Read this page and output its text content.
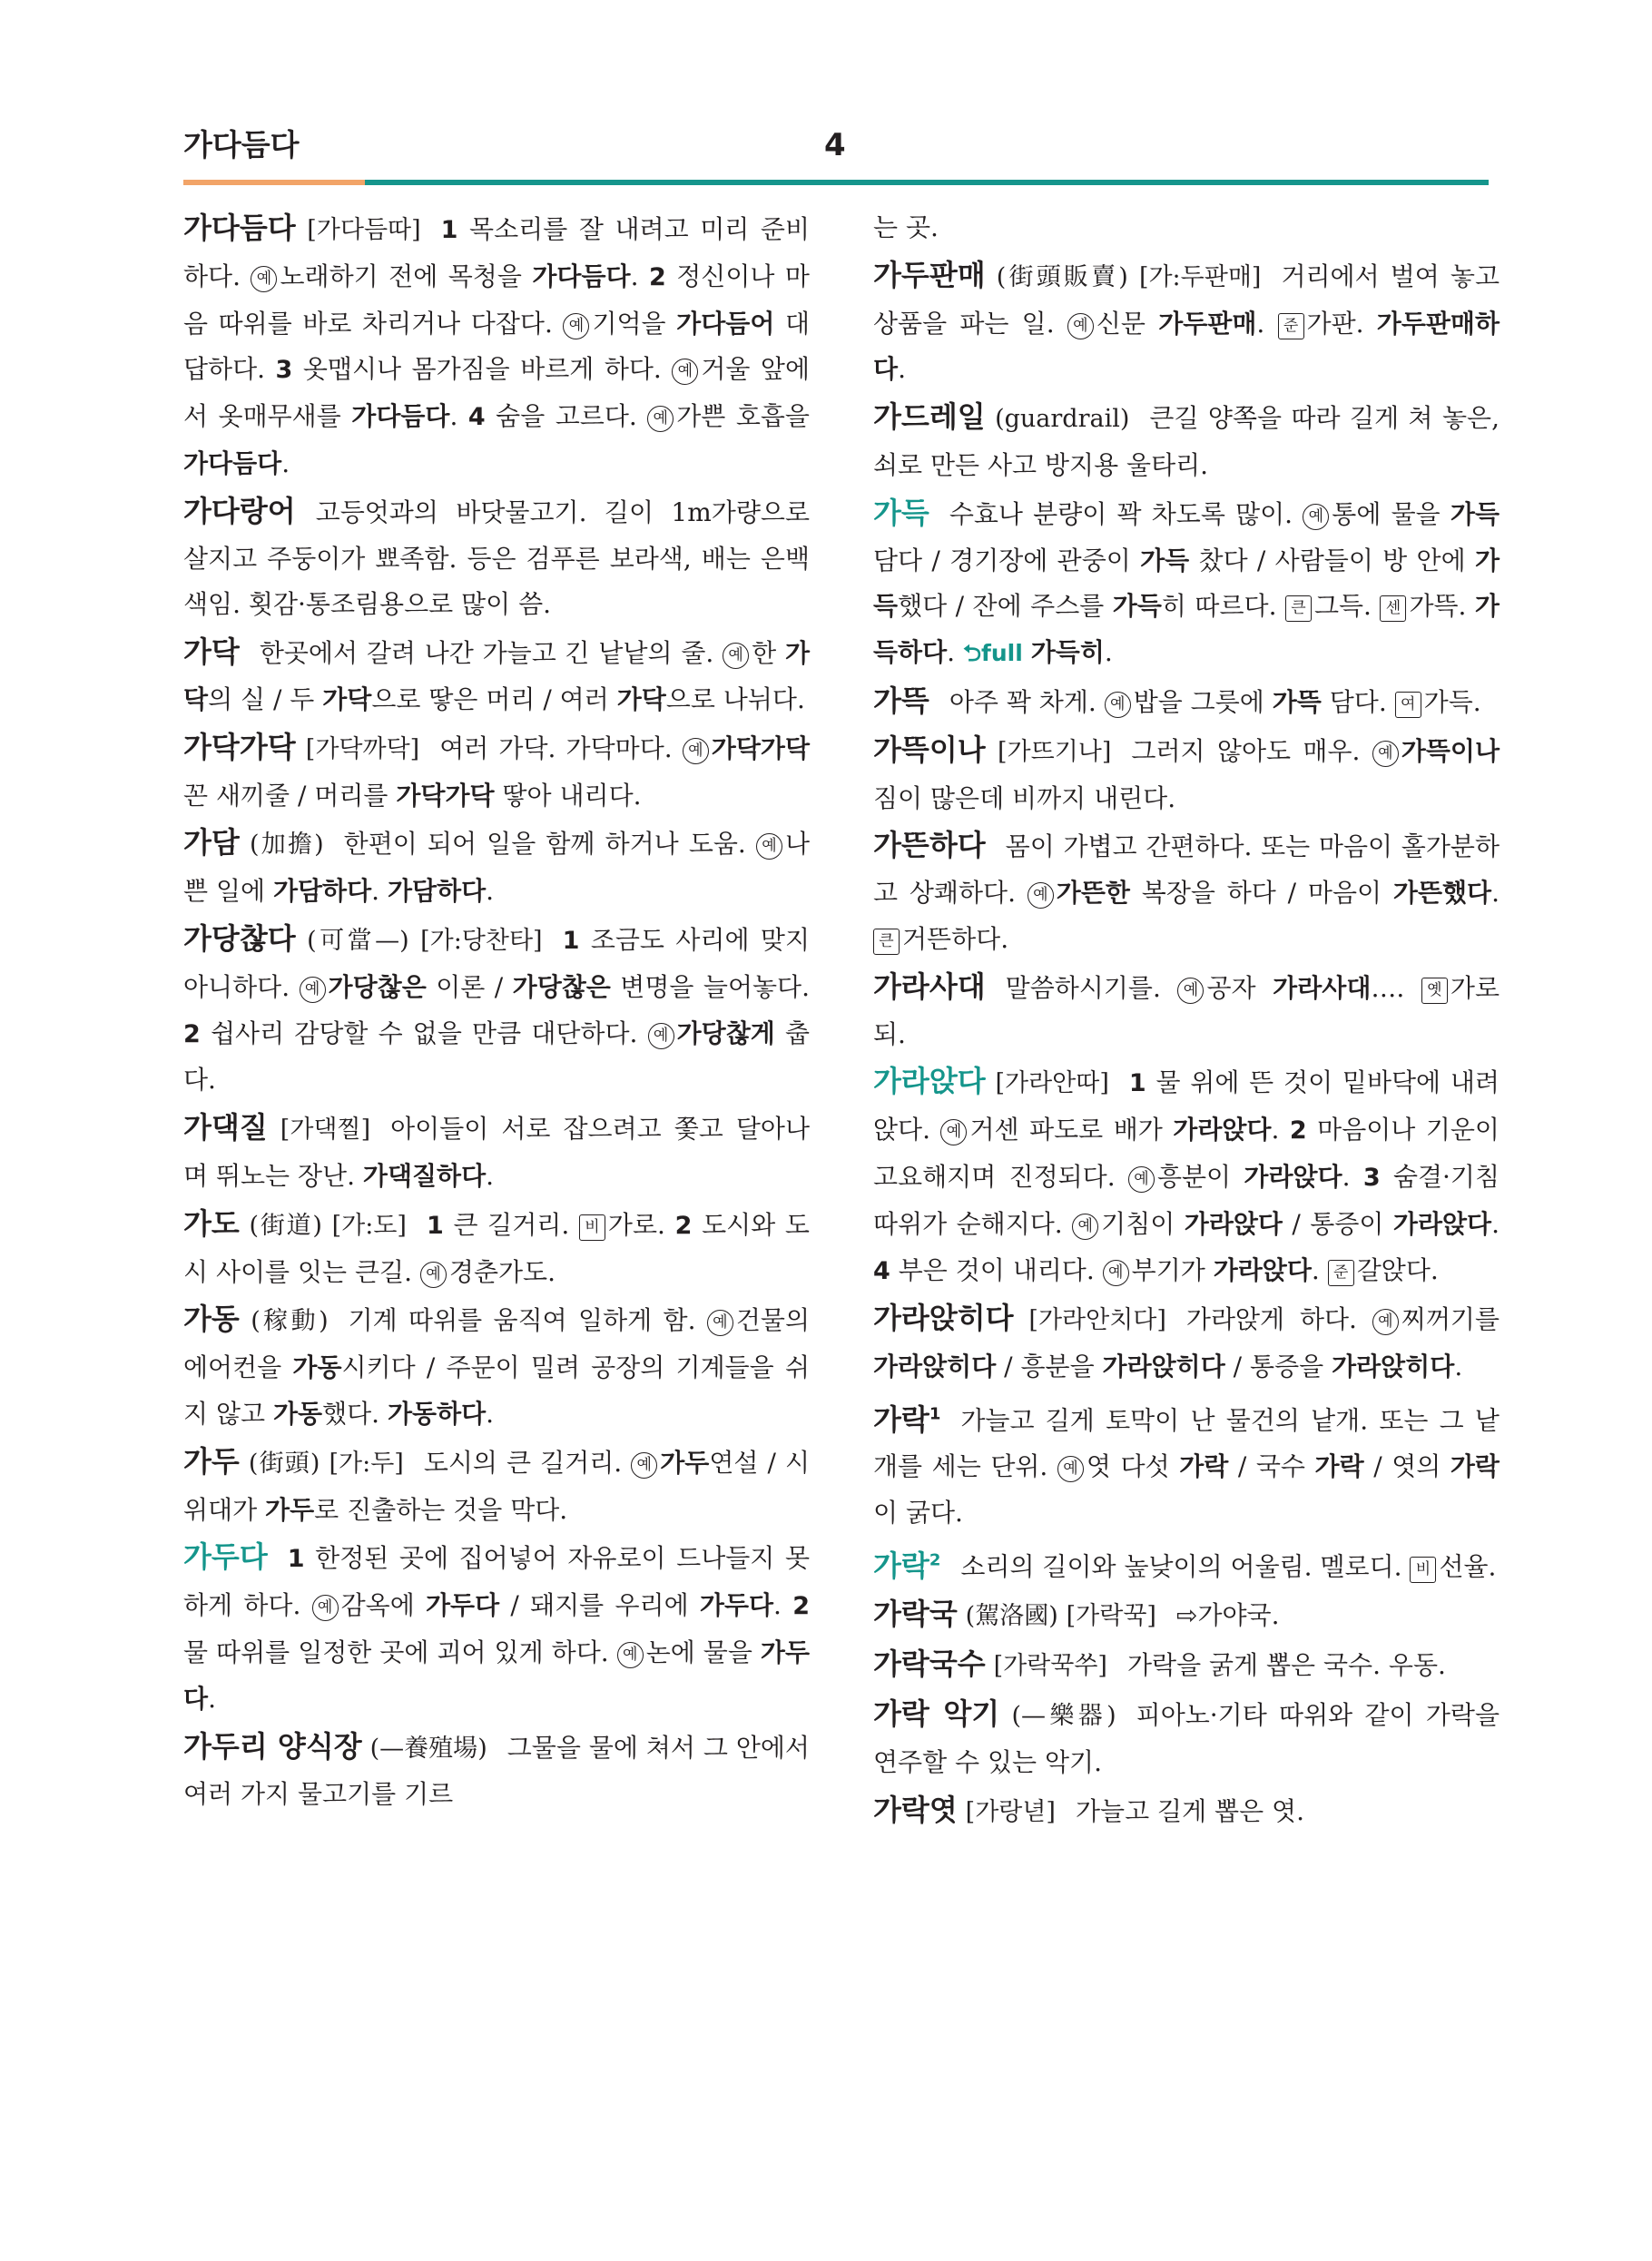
가다듬다	4

가다듬다 [가다듬따] 1 목소리를 잘 내려고 미리 준비하다. 예 노래하기 전에 목청을 가다듬다. 2 정신이나 마음 따위를 바로 차리거나 다잡다. 예 기억을 가다듬어 대답하다. 3 옷맵시나 몸가짐을 바르게 하다. 예 거울 앞에서 옷매무새를 가다듬다. 4 숨을 고르다. 예 가쁜 호흡을 가다듬다.

가다랑어 고등엇과의 바닷물고기. 길이 1m가량으로 살지고 주둥이가 뾰족함. 등은 검푸른 보라색, 배는 은백색임. 횟감·통조림용으로 많이 씀.

가닥 한곳에서 갈려 나간 가늘고 긴 낱낱의 줄. 예 한 가닥의 실 / 두 가닥으로 땋은 머리 / 여러 가닥으로 나뉘다.

가닥가닥 [가닥까닥] 여러 가닥. 가닥마다. 예 가닥가닥 꼰 새끼줄 / 머리를 가닥가닥 땋아 내리다.

가담 (加擔) 한편이 되어 일을 함께 하거나 도움. 예 나쁜 일에 가담하다. 가담하다.

가당찮다 (可當—) [가:당찬타] 1 조금도 사리에 맞지 아니하다. 예 가당찮은 이론 / 가당찮은 변명을 늘어놓다. 2 쉽사리 감당할 수 없을 만큼 대단하다. 예 가당찮게 춥다.

가댁질 [가댁찔] 아이들이 서로 잡으려고 쫓고 달아나며 뛰노는 장난. 가댁질하다.

가도 (街道) [가:도] 1 큰 길거리. 비 가로. 2 도시와 도시 사이를 잇는 큰길. 예 경춘가도.

가동 (稼動) 기계 따위를 움직여 일하게 함. 예 건물의 에어컨을 가동시키다 / 주문이 밀려 공장의 기계들을 쉬지 않고 가동했다. 가동하다.

가두 (街頭) [가:두] 도시의 큰 길거리. 예 가두연설 / 시위대가 가두로 진출하는 것을 막다.

가두다 1 한정된 곳에 집어넣어 자유로이 드나들지 못하게 하다. 예 감옥에 가두다 / 돼지를 우리에 가두다. 2 물 따위를 일정한 곳에 괴어 있게 하다. 예 논에 물을 가두다.

가두리 양식장 (—養殖場) 그물을 물에 쳐서 그 안에서 여러 가지 물고기를 기르

는 곳.

가두판매 (街頭販賣) [가:두판매] 거리에서 벌여 놓고 상품을 파는 일. 예 신문 가두판매. 준 가판. 가두판매하다.

가드레일 (guardrail) 큰길 양쪽을 따라 길게 쳐 놓은, 쇠로 만든 사고 방지용 울타리.

가득 수효나 분량이 꽉 차도록 많이. 예 통에 물을 가득 담다 / 경기장에 관중이 가득 찼다 / 사람들이 방 안에 가득했다 / 잔에 주스를 가득히 따르다. 큰 그득. 센 가뜩. 가득하다. ⮌full 가득히.

가뜩 아주 꽉 차게. 예 밥을 그릇에 가뜩 담다. 여 가득.

가뜩이나 [가뜨기나] 그러지 않아도 매우. 예 가뜩이나 짐이 많은데 비까지 내린다.

가뜬하다 몸이 가볍고 간편하다. 또는 마음이 홀가분하고 상쾌하다. 예 가뜬한 복장을 하다 / 마음이 가뜬했다. 큰 거뜬하다.

가라사대 말씀하시기를. 예 공자 가라사대…. 옛 가로되.

가라앉다 [가라안따] 1 물 위에 뜬 것이 밑바닥에 내려앉다. 예 거센 파도로 배가 가라앉다. 2 마음이나 기운이 고요해지며 진정되다. 예 흥분이 가라앉다. 3 숨결·기침 따위가 순해지다. 예 기침이 가라앉다 / 통증이 가라앉다. 4 부은 것이 내리다. 예 부기가 가라앉다. 준 갈앉다.

가라앉히다 [가라안치다] 가라앉게 하다. 예 찌꺼기를 가라앉히다 / 흥분을 가라앉히다 / 통증을 가라앉히다.

가락$^1$ 가늘고 길게 토막이 난 물건의 낱개. 또는 그 낱개를 세는 단위. 예 엿 다섯 가락 / 국수 가락 / 엿의 가락이 굵다.

가락$^2$ 소리의 길이와 높낮이의 어울림. 멜로디. 비 선율.

가락국 (駕洛國) [가락꾹] ⇨가야국.

가락국수 [가락꾹쑤] 가락을 굵게 뽑은 국수. 우동.

가락 악기 (—樂器) 피아노·기타 따위와 같이 가락을 연주할 수 있는 악기.

가락엿 [가랑녇] 가늘고 길게 뽑은 엿.
